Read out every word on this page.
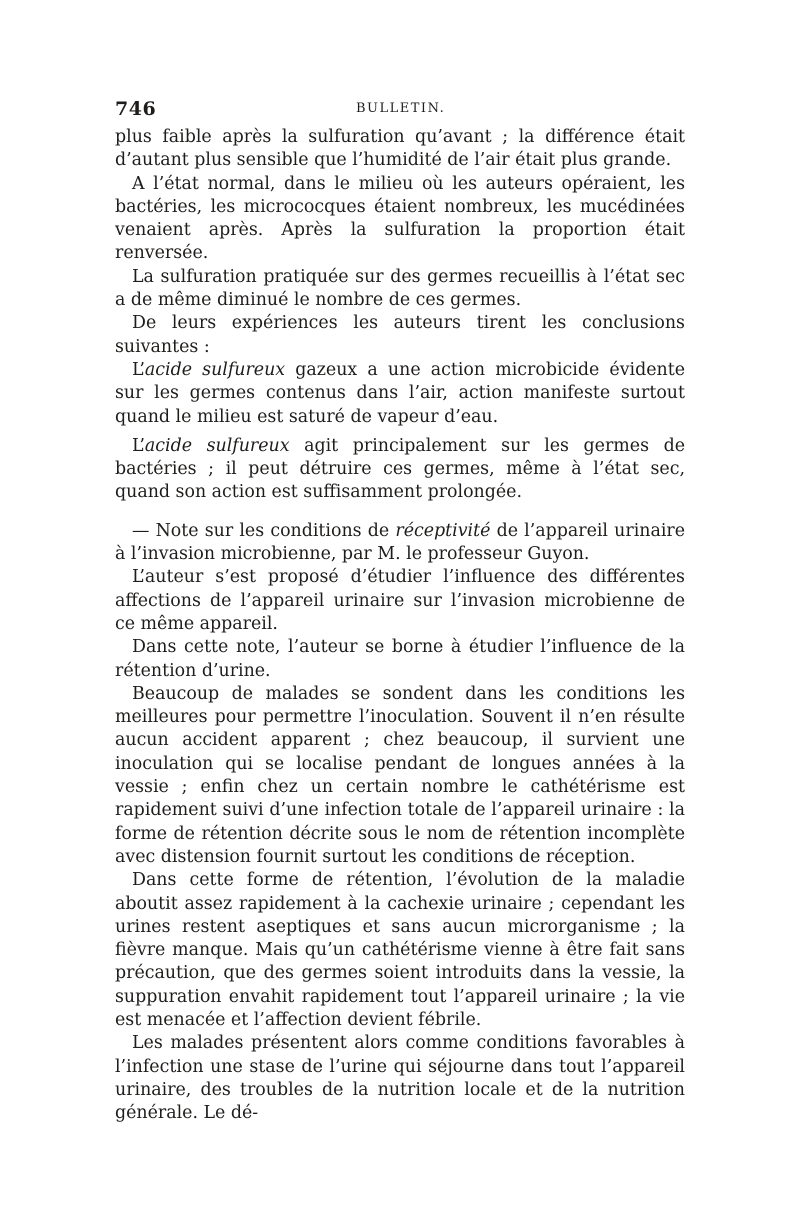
746	BULLETIN.

plus faible après la sulfuration qu’avant ; la différence était d’autant plus sensible que l’humidité de l’air était plus grande.

A l’état normal, dans le milieu où les auteurs opéraient, les bactéries, les micrococques étaient nombreux, les mucédinées venaient après. Après la sulfuration la proportion était renversée.

La sulfuration pratiquée sur des germes recueillis à l’état sec a de même diminué le nombre de ces germes.

De leurs expériences les auteurs tirent les conclusions suivantes :

L’acide sulfureux gazeux a une action microbicide évidente sur les germes contenus dans l’air, action manifeste surtout quand le milieu est saturé de vapeur d’eau.

L’acide sulfureux agit principalement sur les germes de bactéries ; il peut détruire ces germes, même à l’état sec, quand son action est suffisamment prolongée.

— Note sur les conditions de réceptivité de l’appareil urinaire à l’invasion microbienne, par M. le professeur Guyon.

L’auteur s’est proposé d’étudier l’influence des différentes affections de l’appareil urinaire sur l’invasion microbienne de ce même appareil.

Dans cette note, l’auteur se borne à étudier l’influence de la rétention d’urine.

Beaucoup de malades se sondent dans les conditions les meilleures pour permettre l’inoculation. Souvent il n’en résulte aucun accident apparent ; chez beaucoup, il survient une inoculation qui se localise pendant de longues années à la vessie ; enfin chez un certain nombre le cathétérisme est rapidement suivi d’une infection totale de l’appareil urinaire : la forme de rétention décrite sous le nom de rétention incomplète avec distension fournit surtout les conditions de réception.

Dans cette forme de rétention, l’évolution de la maladie aboutit assez rapidement à la cachexie urinaire ; cependant les urines restent aseptiques et sans aucun microrganisme ; la fièvre manque. Mais qu’un cathétérisme vienne à être fait sans précaution, que des germes soient introduits dans la vessie, la suppuration envahit rapidement tout l’appareil urinaire ; la vie est menacée et l’affection devient fébrile.

Les malades présentent alors comme conditions favorables à l’infection une stase de l’urine qui séjourne dans tout l’appareil urinaire, des troubles de la nutrition locale et de la nutrition générale. Le dé-
